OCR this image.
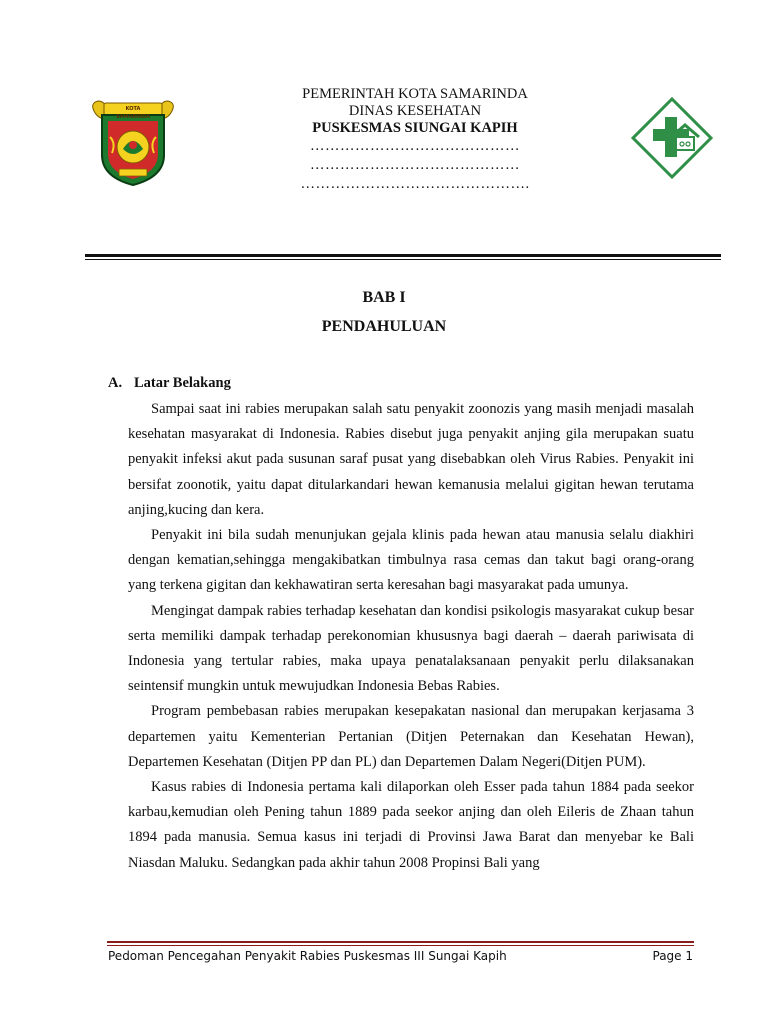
KOTA SAMARINDA
PEMERINTAH KOTA SAMARINDA
DINAS KESEHATAN
PUSKESMAS SIUNGAI KAPIH
……………………………………
……………………………………
……………………………………….
BAB I
PENDAHULUAN
A. Latar Belakang

Sampai saat ini rabies merupakan salah satu penyakit zoonozis yang masih menjadi masalah kesehatan masyarakat di Indonesia. Rabies disebut juga penyakit anjing gila merupakan suatu penyakit infeksi akut pada susunan saraf pusat yang disebabkan oleh Virus Rabies. Penyakit ini bersifat zoonotik, yaitu dapat ditularkandari hewan kemanusia melalui gigitan hewan terutama anjing,kucing dan kera.

Penyakit ini bila sudah menunjukan gejala klinis pada hewan atau manusia selalu diakhiri dengan kematian,sehingga mengakibatkan timbulnya rasa cemas dan takut bagi orang-orang yang terkena gigitan dan kekhawatiran serta keresahan bagi masyarakat pada umunya.

Mengingat dampak rabies terhadap kesehatan dan kondisi psikologis masyarakat cukup besar serta memiliki dampak terhadap perekonomian khususnya bagi daerah – daerah pariwisata di Indonesia yang tertular rabies, maka upaya penatalaksanaan penyakit perlu dilaksanakan seintensif mungkin untuk mewujudkan Indonesia Bebas Rabies.

Program pembebasan rabies merupakan kesepakatan nasional dan merupakan kerjasama 3 departemen yaitu Kementerian Pertanian (Ditjen Peternakan dan Kesehatan Hewan), Departemen Kesehatan (Ditjen PP dan PL) dan Departemen Dalam Negeri(Ditjen PUM).

Kasus rabies di Indonesia pertama kali dilaporkan oleh Esser pada tahun 1884 pada seekor karbau,kemudian oleh Pening tahun 1889 pada seekor anjing dan oleh Eileris de Zhaan tahun 1894 pada manusia. Semua kasus ini terjadi di Provinsi Jawa Barat dan menyebar ke Bali Niasdan Maluku. Sedangkan pada akhir tahun 2008 Propinsi Bali yang

Pedoman Pencegahan Penyakit Rabies Puskesmas III Sungai Kapih	Page 1
